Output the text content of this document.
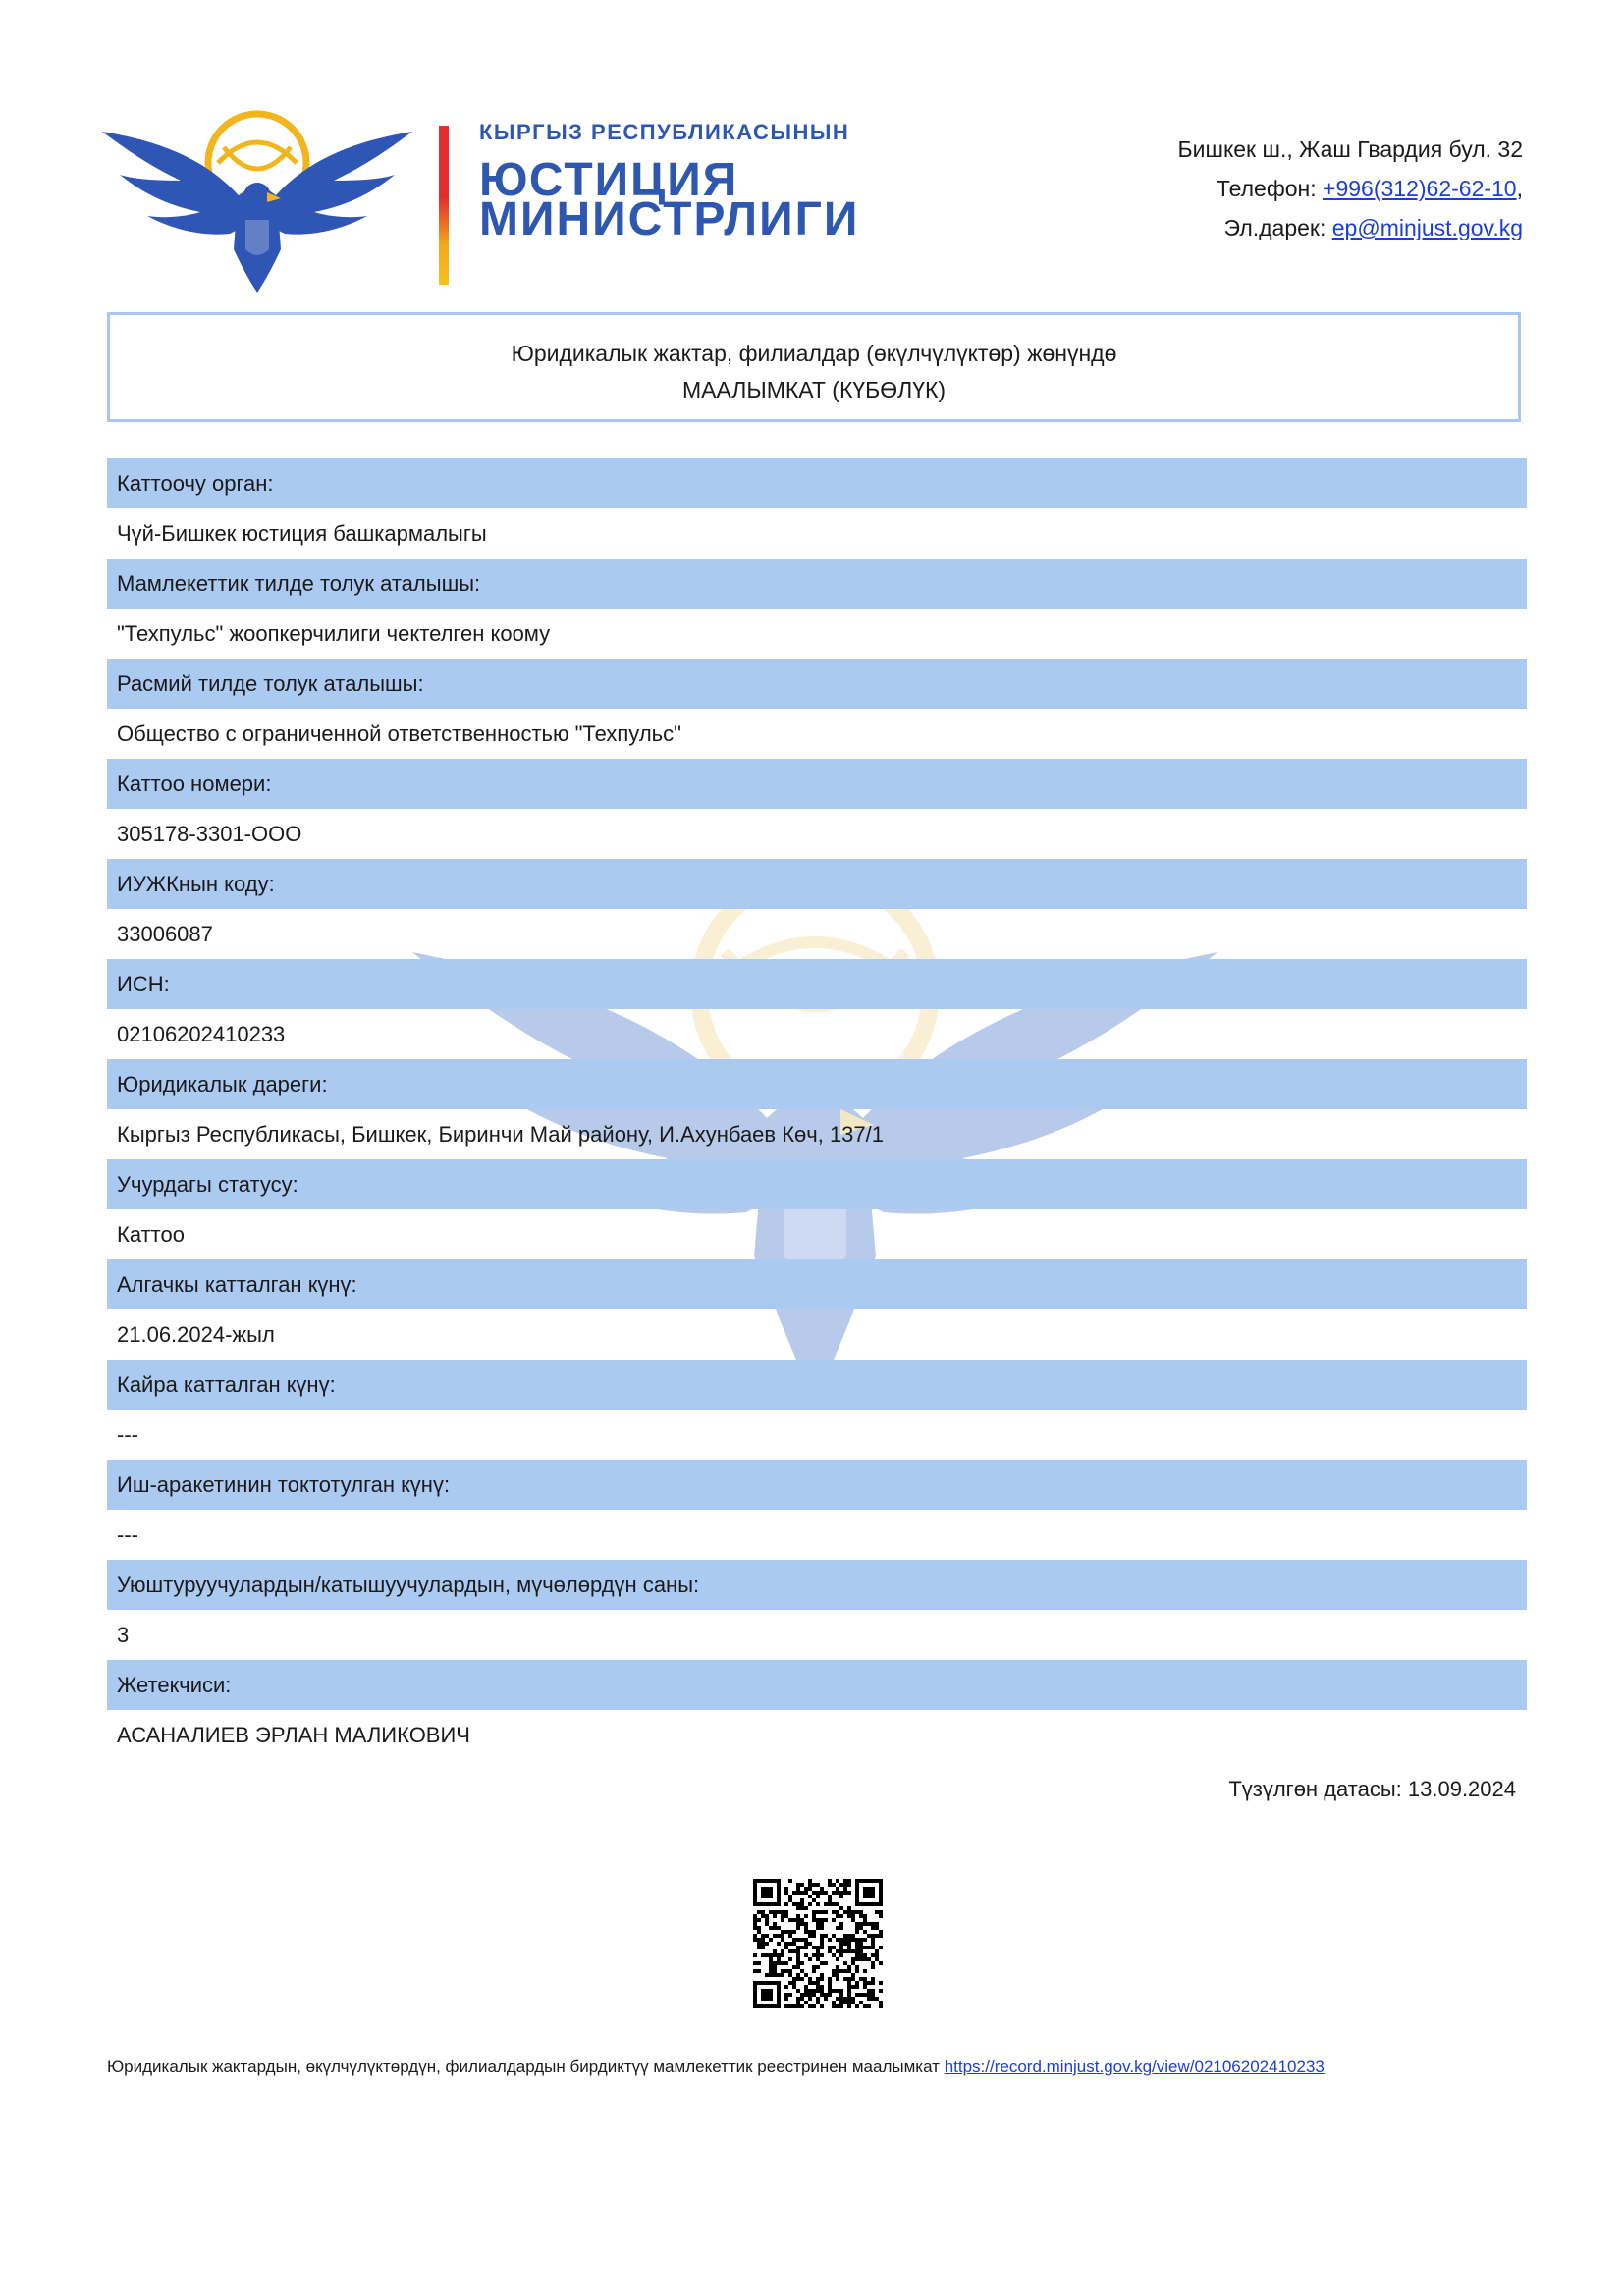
КЫРГЫЗ РЕСПУБЛИКАСЫНЫН
ЮСТИЦИЯ
МИНИСТРЛИГИ
Бишкек ш., Жаш Гвардия бул. 32
Телефон: +996(312)62-62-10,
Эл.дарек: ep@minjust.gov.kg
Юридикалык жактар, филиалдар (өкүлчүлүктөр) жөнүндө
МААЛЫМКАТ (КҮБӨЛҮК)
Каттоочу орган:
Чүй-Бишкек юстиция башкармалыгы
Мамлекеттик тилде толук аталышы:
"Техпульс" жоопкерчилиги чектелген коому
Расмий тилде толук аталышы:
Общество с ограниченной ответственностью "Техпульс"
Каттоо номери:
305178-3301-ООО
ИУЖКнын коду:
33006087
ИСН:
02106202410233
Юридикалык дареги:
Кыргыз Республикасы, Бишкек, Биринчи Май району, И.Ахунбаев Көч, 137/1
Учурдагы статусу:
Каттоо
Алгачкы катталган күнү:
21.06.2024-жыл
Кайра катталган күнү:
---
Иш-аракетинин токтотулган күнү:
---
Уюштуруучулардын/катышуучулардын, мүчөлөрдүн саны:
3
Жетекчиси:
АСАНАЛИЕВ ЭРЛАН МАЛИКОВИЧ
Түзүлгөн датасы: 13.09.2024
Юридикалык жактардын, өкүлчүлүктөрдүн, филиалдардын бирдиктүү мамлекеттик реестринен маалымкат https://record.minjust.gov.kg/view/02106202410233
